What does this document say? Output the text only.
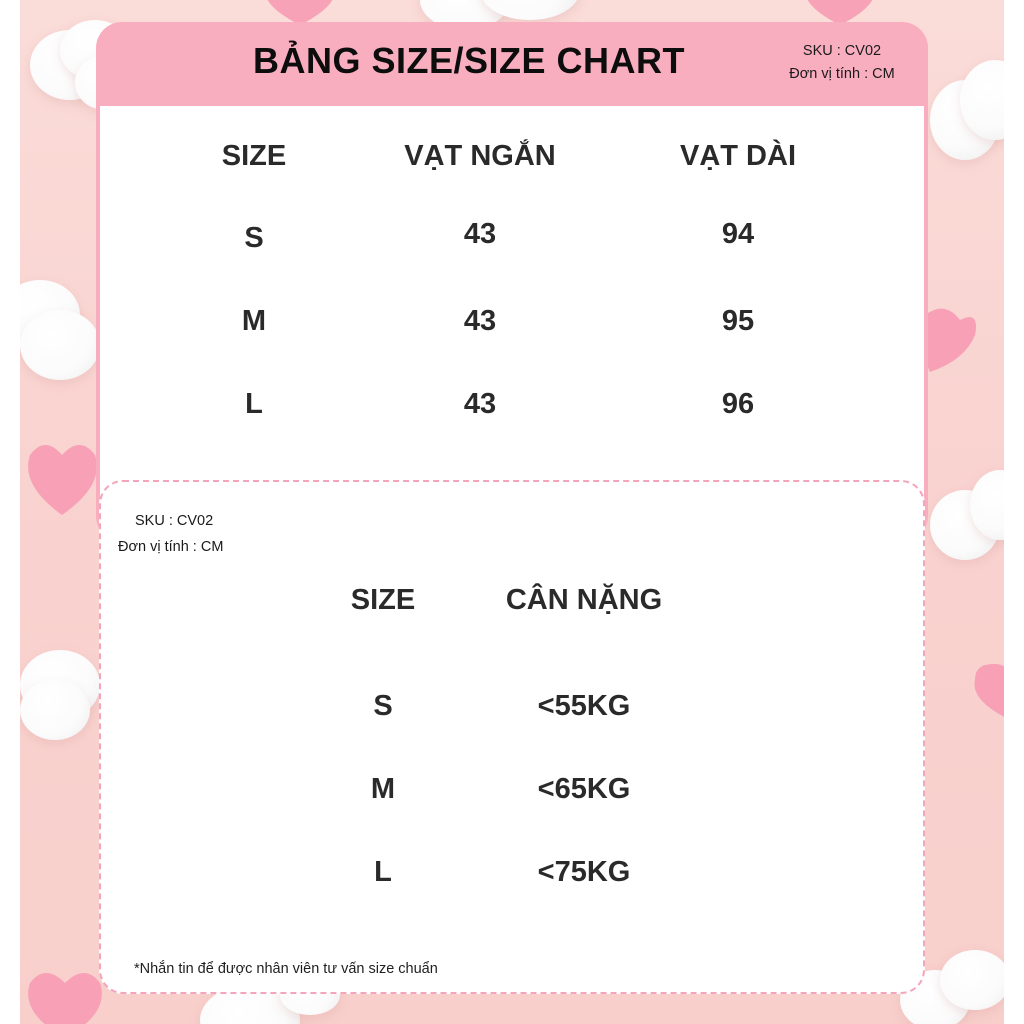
BẢNG SIZE/SIZE CHART	SKU : CV02
Đơn vị tính : CM
SIZE	VẠT NGẮN	VẠT DÀI
S	43	94
M	43	95
L	43	96
SKU : CV02
Đơn vị tính : CM
SIZE	CÂN NẶNG
S	<55KG
M	<65KG
L	<75KG
*Nhắn tin để được nhân viên tư vấn size chuẩn
